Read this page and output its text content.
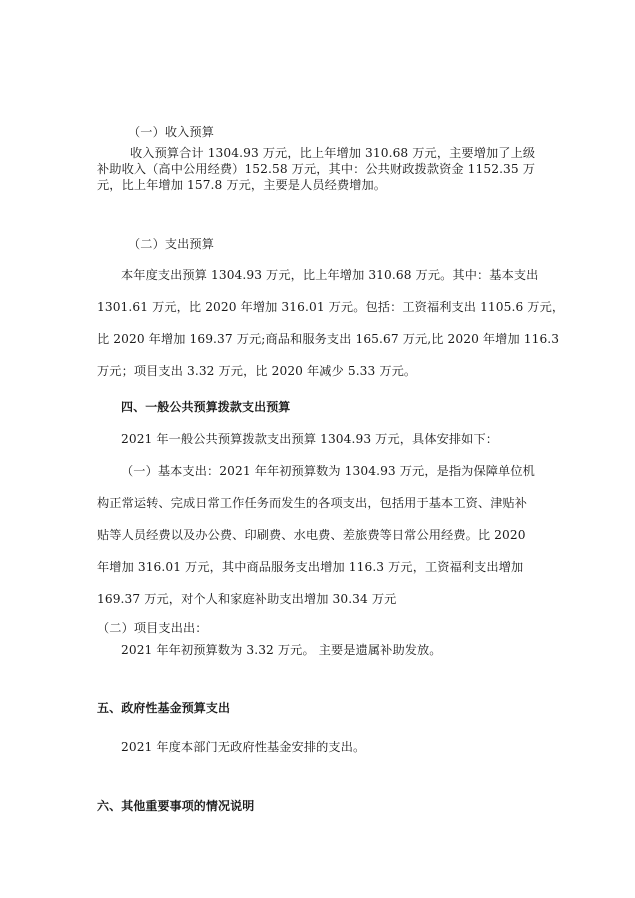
（一）收入预算
收入预算合计 1304.93 万元，比上年增加 310.68 万元，主要增加了上级
补助收入（高中公用经费）152.58 万元，其中：公共财政拨款资金 1152.35 万
元，比上年增加 157.8 万元，主要是人员经费增加。
（二）支出预算
本年度支出预算 1304.93 万元，比上年增加 310.68 万元。其中：基本支出
1301.61 万元，比 2020 年增加 316.01 万元。包括：工资福利支出 1105.6 万元，
比 2020 年增加 169.37 万元;商品和服务支出 165.67 万元,比 2020 年增加 116.3
万元；项目支出 3.32 万元，比 2020 年减少 5.33 万元。
四、一般公共预算拨款支出预算
2021 年一般公共预算拨款支出预算 1304.93 万元，具体安排如下：
（一）基本支出：2021 年年初预算数为 1304.93 万元，是指为保障单位机
构正常运转、完成日常工作任务而发生的各项支出，包括用于基本工资、津贴补
贴等人员经费以及办公费、印刷费、水电费、差旅费等日常公用经费。比 2020
年增加 316.01 万元，其中商品服务支出增加 116.3 万元，工资福利支出增加
169.37 万元，对个人和家庭补助支出增加 30.34 万元
（二）项目支出出：
2021 年年初预算数为 3.32 万元。 主要是遗属补助发放。
五、政府性基金预算支出
2021 年度本部门无政府性基金安排的支出。
六、其他重要事项的情况说明
